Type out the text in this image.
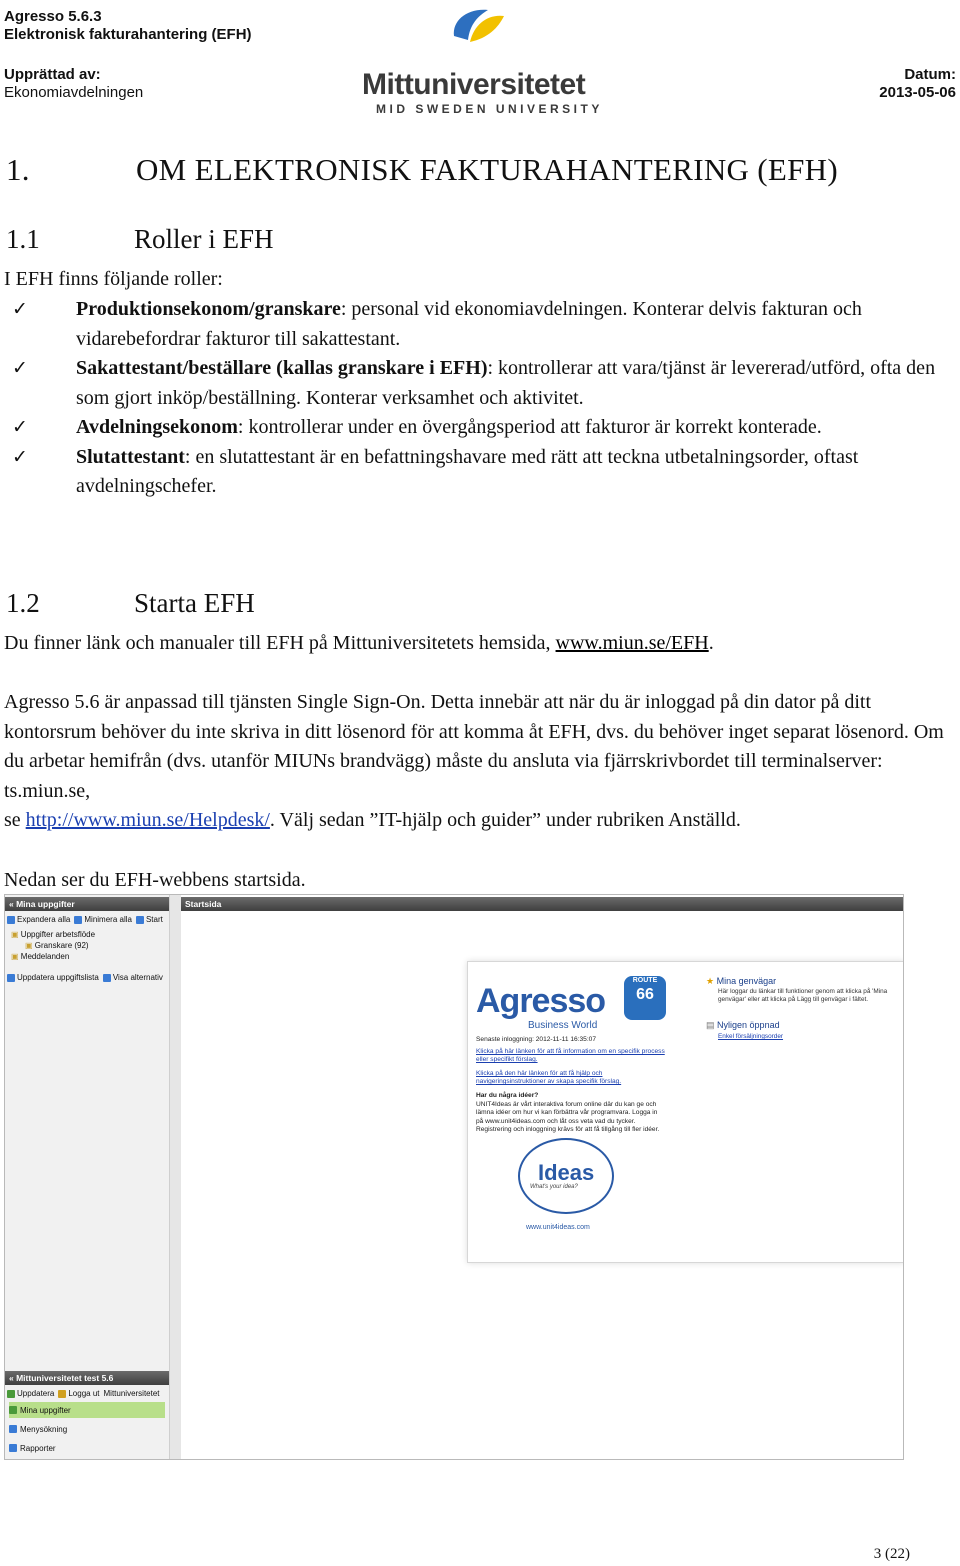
Agresso 5.6.3
Elektronisk fakturahantering (EFH)
Upprättad av:
Ekonomiavdelningen	Mittuniversitetet
MID SWEDEN UNIVERSITY
Datum:
2013-05-06
1.	OM ELEKTRONISK FAKTURAHANTERING (EFH)
1.1	Roller i EFH
I EFH finns följande roller:
✓ Produktionsekonom/granskare: personal vid ekonomiavdelningen. Konterar delvis fakturan och vidarebefordrar fakturor till sakattestant.
✓ Sakattestant/beställare (kallas granskare i EFH): kontrollerar att vara/tjänst är levererad/utförd, ofta den som gjort inköp/beställning. Konterar verksamhet och aktivitet.
✓ Avdelningsekonom: kontrollerar under en övergångsperiod att fakturor är korrekt konterade.
✓ Slutattestant: en slutattestant är en befattningshavare med rätt att teckna utbetalningsorder, oftast avdelningschefer.
1.2	Starta EFH
Du finner länk och manualer till EFH på Mittuniversitetets hemsida, www.miun.se/EFH.
Agresso 5.6 är anpassad till tjänsten Single Sign-On. Detta innebär att när du är inloggad på din dator på ditt kontorsrum behöver du inte skriva in ditt lösenord för att komma åt EFH, dvs. du behöver inget separat lösenord. Om du arbetar hemifrån (dvs. utanför MIUNs brandvägg) måste du ansluta via fjärrskrivbordet till terminalserver: ts.miun.se,
se http://www.miun.se/Helpdesk/. Välj sedan ”IT-hjälp och guider” under rubriken Anställd.
Nedan ser du EFH-webbens startsida.
« Mina uppgifter
Expandera alla Minimera alla Start
▣ Uppgifter arbetsflöde
▣ Granskare (92)
▣ Meddelanden
Uppdatera uppgiftslista Visa alternativ
« Mittuniversitetet test 5.6
Uppdatera Logga ut Mittuniversitetet
Mina uppgifter
Menysökning
Rapporter
Startsida
Agresso
Business World
ROUTE
66
Senaste inloggning: 2012-11-11 16:35:07
Klicka på här länken för att få information om en specifik process eller specifikt förslag.
Klicka på den här länken för att få hjälp och navigeringsinstruktioner av skapa specifik förslag.
Har du några idéer?
UNIT4Ideas är vårt interaktiva forum online där du kan ge och lämna idéer om hur vi kan förbättra vår programvara. Logga in på www.unit4ideas.com och låt oss veta vad du tycker. Registrering och inloggning krävs för att få tillgång till fler idéer.
Ideas
What's your idea?
www.unit4ideas.com
★ Mina genvägar
Här loggar du länkar till funktioner genom att klicka på 'Mina genvägar' eller att klicka på Lägg till genvägar i fältet.
▤ Nyligen öppnad
Enkel försäljningsorder
3 (22)
